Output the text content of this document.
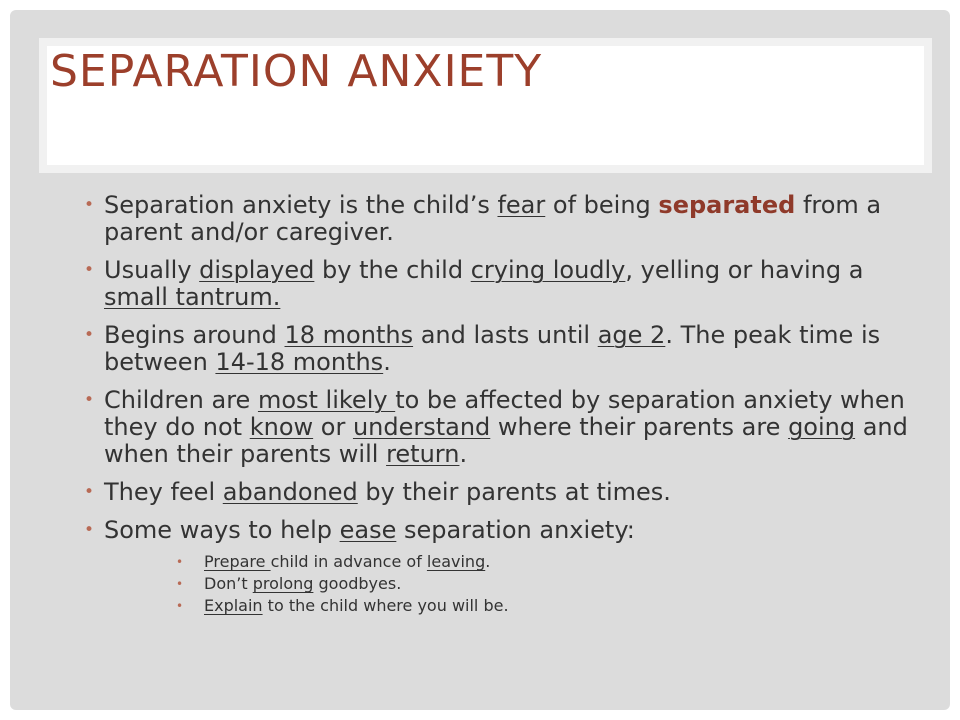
SEPARATION ANXIETY
• Separation anxiety is the child’s fear of being separated from a parent and/or caregiver.
• Usually displayed by the child crying loudly, yelling or having a small tantrum.
• Begins around 18 months and lasts until age 2. The peak time is between 14-18 months.
• Children are most likely to be affected by separation anxiety when they do not know or understand where their parents are going and when their parents will return.
• They feel abandoned by their parents at times.
• Some ways to help ease separation anxiety:
• Prepare child in advance of leaving.
• Don’t prolong goodbyes.
• Explain to the child where you will be.
